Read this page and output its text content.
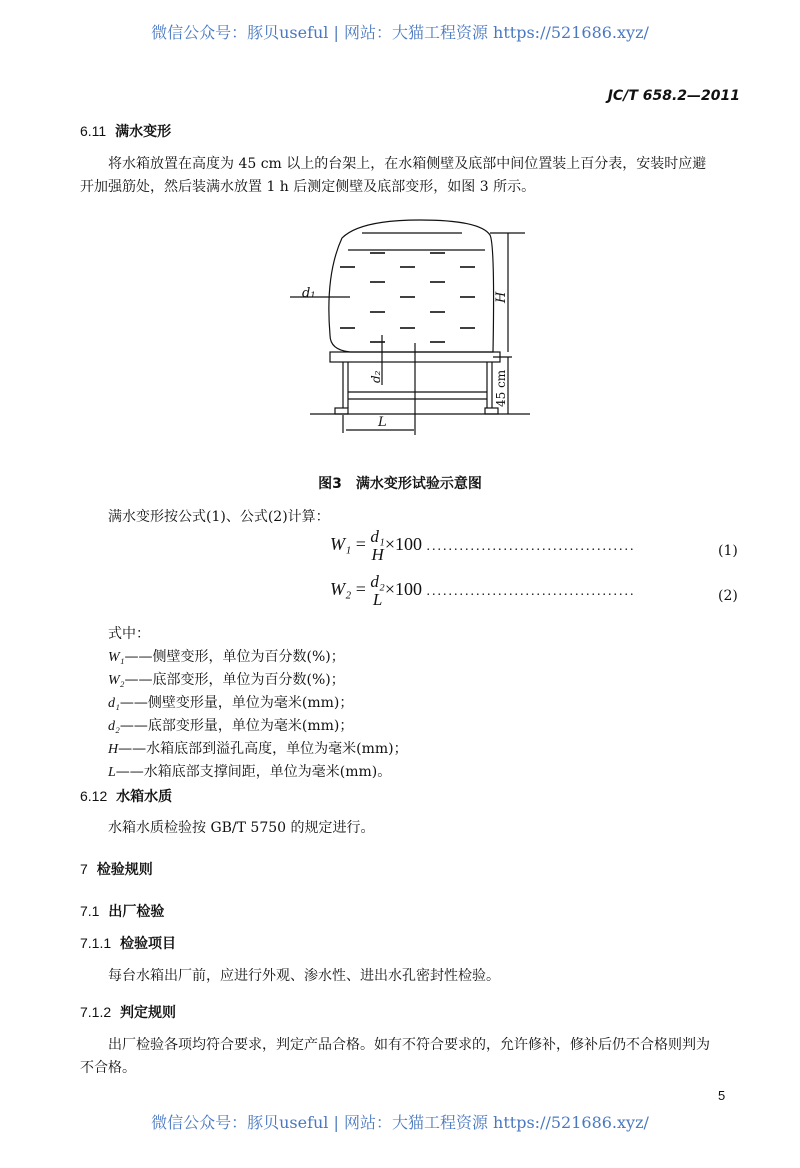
微信公众号：豚贝useful | 网站：大猫工程资源 https://521686.xyz/
JC/T 658.2—2011
6.11 满水变形
将水箱放置在高度为 45 cm 以上的台架上，在水箱侧壁及底部中间位置装上百分表，安装时应避
开加强筋处，然后装满水放置 1 h 后测定侧壁及底部变形，如图 3 所示。
d₁
d₂
H
45 cm
L
图3　满水变形试验示意图
满水变形按公式(1)、公式(2)计算：
W₁ = d₁
H
×100 ......................................	(1)
W₂ = d₂
L
×100 ......................................	(2)
式中：
W₁——侧壁变形，单位为百分数(%)；
W₂——底部变形，单位为百分数(%)；
d₁——侧壁变形量，单位为毫米(mm)；
d₂——底部变形量，单位为毫米(mm)；
H——水箱底部到溢孔高度，单位为毫米(mm)；
L——水箱底部支撑间距，单位为毫米(mm)。
6.12 水箱水质
水箱水质检验按 GB/T 5750 的规定进行。
7 检验规则
7.1 出厂检验
7.1.1 检验项目
每台水箱出厂前，应进行外观、渗水性、进出水孔密封性检验。
7.1.2 判定规则
出厂检验各项均符合要求，判定产品合格。如有不符合要求的，允许修补，修补后仍不合格则判为
不合格。
5
微信公众号：豚贝useful | 网站：大猫工程资源 https://521686.xyz/
